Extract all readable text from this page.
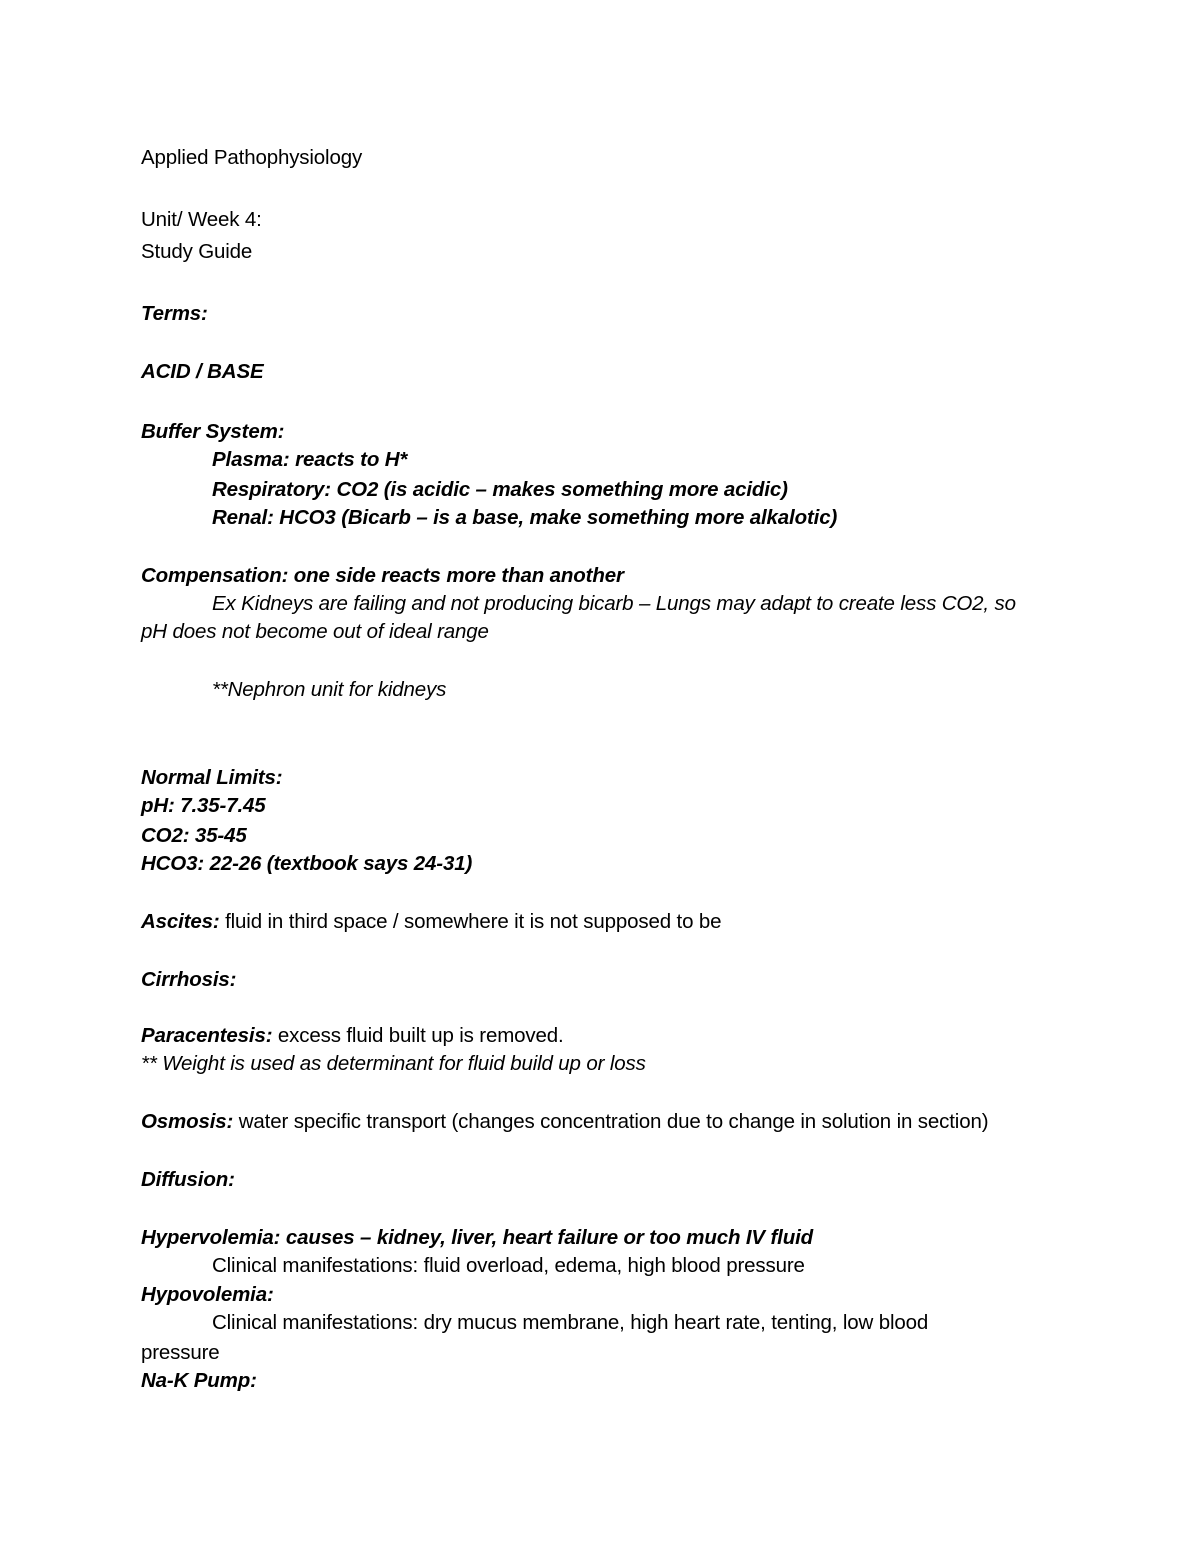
Applied Pathophysiology
Unit/ Week 4:
Study Guide
Terms:
ACID / BASE
Buffer System:
Plasma: reacts to H*
Respiratory: CO2 (is acidic – makes something more acidic)
Renal: HCO3 (Bicarb – is a base, make something more alkalotic)
Compensation: one side reacts more than another
Ex Kidneys are failing and not producing bicarb – Lungs may adapt to create less CO2, so
pH does not become out of ideal range
**Nephron unit for kidneys
Normal Limits:
pH: 7.35-7.45
CO2: 35-45
HCO3: 22-26 (textbook says 24-31)
Ascites: fluid in third space / somewhere it is not supposed to be
Cirrhosis:
Paracentesis: excess fluid built up is removed.
** Weight is used as determinant for fluid build up or loss
Osmosis: water specific transport (changes concentration due to change in solution in section)
Diffusion:
Hypervolemia: causes – kidney, liver, heart failure or too much IV fluid
Clinical manifestations: fluid overload, edema, high blood pressure
Hypovolemia:
Clinical manifestations: dry mucus membrane, high heart rate, tenting, low blood
pressure
Na-K Pump:
